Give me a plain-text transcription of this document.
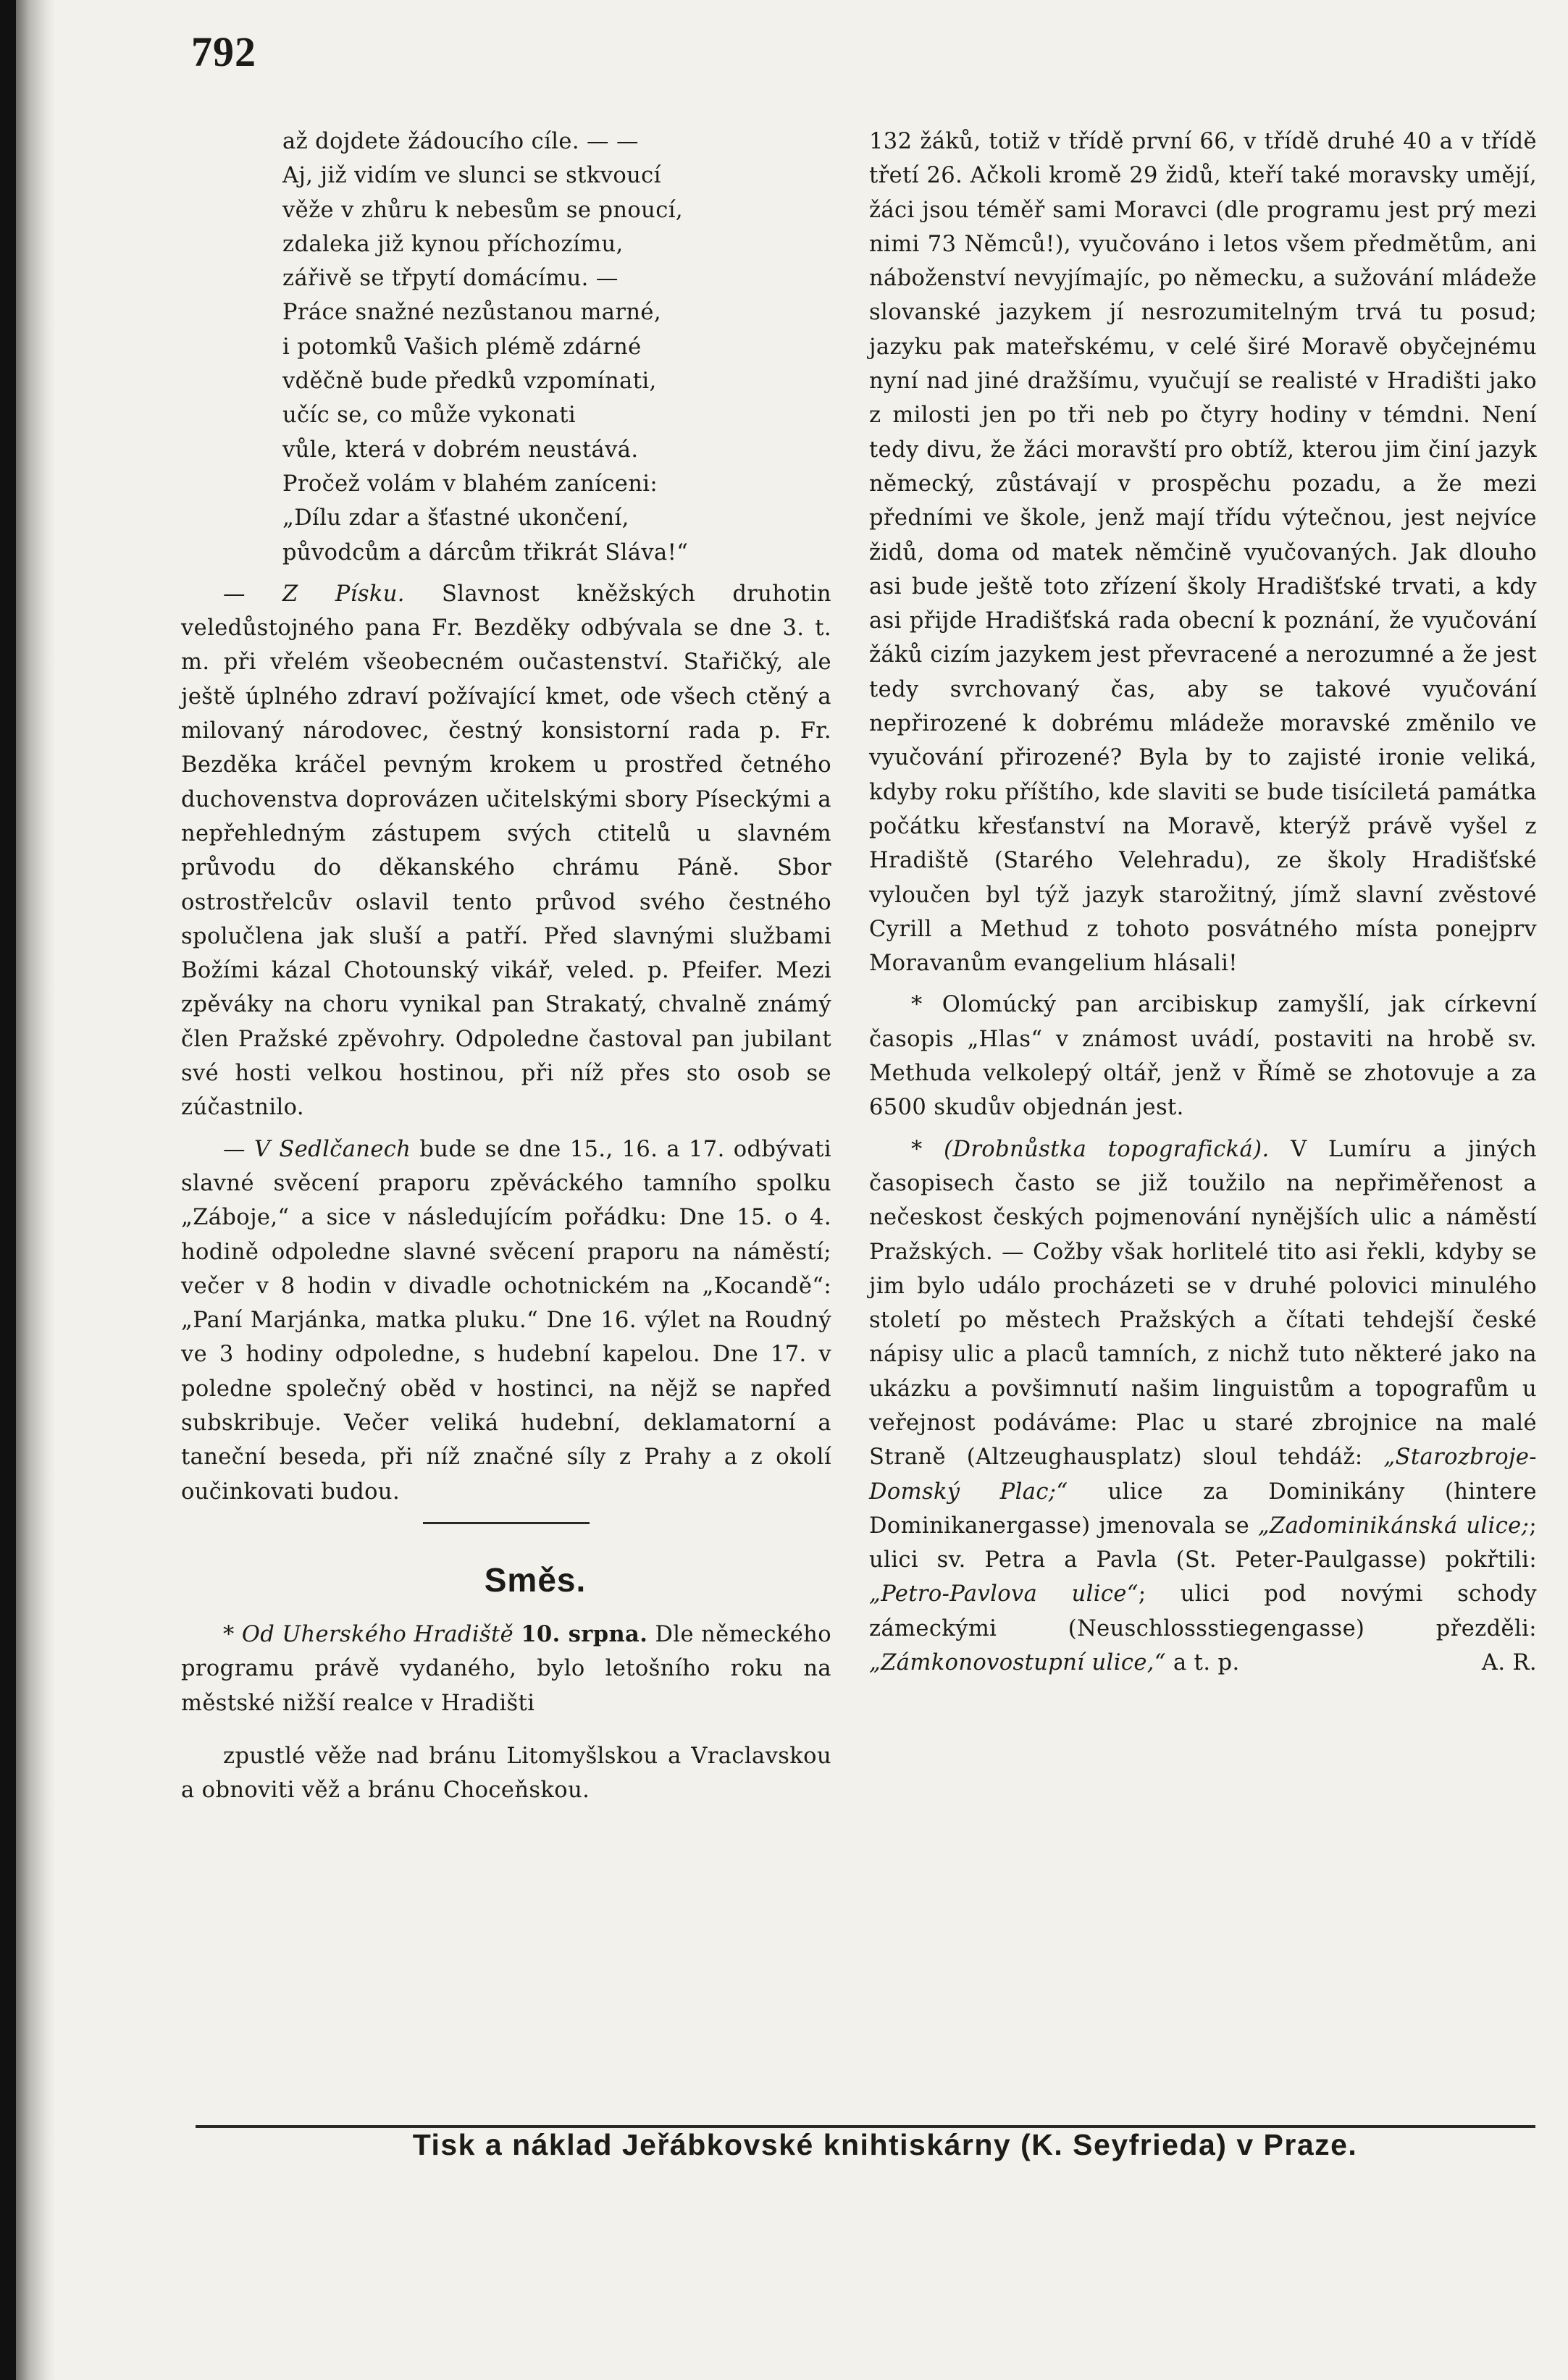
792

až dojdete žádoucího cíle. — —

Aj, již vidím ve slunci se stkvoucí

věže v zhůru k nebesům se pnoucí,

zdaleka již kynou příchozímu,

zářivě se třpytí domácímu. —

Práce snažné nezůstanou marné,

i potomků Vašich plémě zdárné

vděčně bude předků vzpomínati,

učíc se, co může vykonati

vůle, která v dobrém neustává.

Pročež volám v blahém zaníceni:

„Dílu zdar a šťastné ukončení,

původcům a dárcům třikrát Sláva!“

— Z Písku. Slavnost kněžských druhotin veledůstojného pana Fr. Bezděky odbývala se dne 3. t. m. při vřelém všeobecném oučastenství. Stařičký, ale ještě úplného zdraví požívající kmet, ode všech ctěný a milovaný národovec, čestný konsistorní rada p. Fr. Bezděka kráčel pevným krokem u prostřed četného duchovenstva doprovázen učitelskými sbory Píseckými a nepřehledným zástupem svých ctitelů u slavném průvodu do děkanského chrámu Páně. Sbor ostrostřelcův oslavil tento průvod svého čestného spolučlena jak sluší a patří. Před slavnými službami Božími kázal Chotounský vikář, veled. p. Pfeifer. Mezi zpěváky na choru vynikal pan Strakatý, chvalně známý člen Pražské zpěvohry. Odpoledne častoval pan jubilant své hosti velkou hostinou, při níž přes sto osob se zúčastnilo.

— V Sedlčanech bude se dne 15., 16. a 17. odbývati slavné svěcení praporu zpěváckého tamního spolku „Záboje,“ a sice v následujícím pořádku: Dne 15. o 4. hodině odpoledne slavné svěcení praporu na náměstí; večer v 8 hodin v divadle ochotnickém na „Kocandě“: „Paní Marjánka, matka pluku.“ Dne 16. výlet na Roudný ve 3 hodiny odpoledne, s hudební kapelou. Dne 17. v poledne společný oběd v hostinci, na nějž se napřed subskribuje. Večer veliká hudební, deklamatorní a taneční beseda, při níž značné síly z Prahy a z okolí oučinkovati budou.

Směs.

* Od Uherského Hradiště 10. srpna. Dle německého programu právě vydaného, bylo letošního roku na městské nižší realce v Hradišti

zpustlé věže nad bránu Litomyšlskou a Vraclavskou a obnoviti věž a bránu Choceňskou.

132 žáků, totiž v třídě první 66, v třídě druhé 40 a v třídě třetí 26. Ačkoli kromě 29 židů, kteří také moravsky umějí, žáci jsou téměř sami Moravci (dle programu jest prý mezi nimi 73 Němců!), vyučováno i letos všem předmětům, ani náboženství nevyjímajíc, po německu, a sužování mládeže slovanské jazykem jí nesrozumitelným trvá tu posud; jazyku pak mateřskému, v celé širé Moravě obyčejnému nyní nad jiné dražšímu, vyučují se realisté v Hradišti jako z milosti jen po tři neb po čtyry hodiny v témdni. Není tedy divu, že žáci moravští pro obtíž, kterou jim činí jazyk německý, zůstávají v prospěchu pozadu, a že mezi předními ve škole, jenž mají třídu výtečnou, jest nejvíce židů, doma od matek němčině vyučovaných. Jak dlouho asi bude ještě toto zřízení školy Hradišťské trvati, a kdy asi přijde Hradišťská rada obecní k poznání, že vyučování žáků cizím jazykem jest převracené a nerozumné a že jest tedy svrchovaný čas, aby se takové vyučování nepřirozené k dobrému mládeže moravské změnilo ve vyučování přirozené? Byla by to zajisté ironie veliká, kdyby roku příštího, kde slaviti se bude tisíciletá památka počátku křesťanství na Moravě, kterýž právě vyšel z Hradiště (Starého Velehradu), ze školy Hradišťské vyloučen byl týž jazyk starožitný, jímž slavní zvěstové Cyrill a Methud z tohoto posvátného místa ponejprv Moravanům evangelium hlásali!

* Olomúcký pan arcibiskup zamyšlí, jak církevní časopis „Hlas“ v známost uvádí, postaviti na hrobě sv. Methuda velkolepý oltář, jenž v Římě se zhotovuje a za 6500 skudův objednán jest.

* (Drobnůstka topografická). V Lumíru a jiných časopisech často se již toužilo na nepřiměřenost a nečeskost českých pojmenování nynějších ulic a náměstí Pražských. — Cožby však horlitelé tito asi řekli, kdyby se jim bylo událo procházeti se v druhé polovici minulého století po městech Pražských a čítati tehdejší české nápisy ulic a placů tamních, z nichž tuto některé jako na ukázku a povšimnutí našim linguistům a topografům u veřejnost podáváme: Plac u staré zbrojnice na malé Straně (Altzeughausplatz) sloul tehdáž: „Starozbroje-Domský Plac;“ ulice za Dominikány (hintere Dominikanergasse) jmenovala se „Zadominikánská ulice;; ulici sv. Petra a Pavla (St. Peter-Paulgasse) pokřtili: „Petro-Pavlova ulice“; ulici pod novými schody zámeckými (Neuschlossstiegengasse) přezděli: „Zámkonovostupní ulice,“ a t. p.	A. R.

Tisk a náklad Jeřábkovské knihtiskárny (K. Seyfrieda) v Praze.
